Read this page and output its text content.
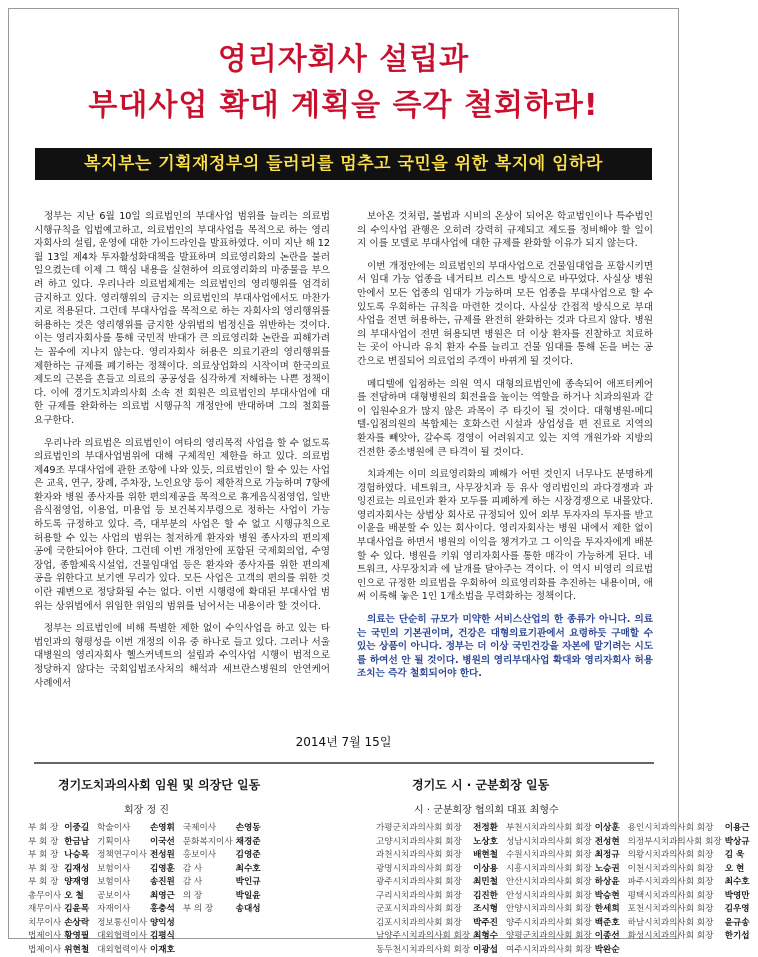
영리자회사 설립과
부대사업 확대 계획을 즉각 철회하라!
복지부는 기획재정부의 들러리를 멈추고 국민을 위한 복지에 임하라

정부는 지난 6월 10일 의료법인의 부대사업 범위를 늘리는 의료법 시행규칙을 입법예고하고, 의료법인의 부대사업을 목적으로 하는 영리자회사의 설립, 운영에 대한 가이드라인을 발표하였다. 이미 지난 해 12월 13일 제4차 투자활성화대책을 발표하며 의료영리화의 논란을 불러 일으켰는데 이제 그 핵심 내용을 실현하여 의료영리화의 마중물을 부으려 하고 있다. 우리나라 의료법체계는 의료법인의 영리행위를 엄격히 금지하고 있다. 영리행위의 금지는 의료법인의 부대사업에서도 마찬가지로 적용된다. 그런데 부대사업을 목적으로 하는 자회사의 영리행위를 허용하는 것은 영리행위를 금지한 상위법의 법정신을 위반하는 것이다. 이는 영리자회사를 통해 국민적 반대가 큰 의료영리화 논란을 피해가려는 꼼수에 지나지 않는다. 영리자회사 허용은 의료기관의 영리행위를 제한하는 규제를 폐기하는 정책이다. 의료상업화의 시작이며 한국의료제도의 근본을 흔들고 의료의 공공성을 심각하게 저해하는 나쁜 정책이다. 이에 경기도치과의사회 소속 전 회원은 의료법인의 부대사업에 대한 규제를 완화하는 의료법 시행규칙 개정안에 반대하며 그의 철회를 요구한다.

우리나라 의료법은 의료법인이 여타의 영리목적 사업을 할 수 없도록 의료법인의 부대사업범위에 대해 구체적인 제한을 하고 있다. 의료법 제49조 부대사업에 관한 조항에 나와 있듯, 의료법인이 할 수 있는 사업은 교육, 연구, 장례, 주차장, 노인요양 등이 제한적으로 가능하며 7항에 환자와 병원 종사자를 위한 편의제공을 목적으로 휴게음식점영업, 일반음식점영업, 이용업, 미용업 등 보건복지부령으로 정하는 사업이 가능하도록 규정하고 있다. 즉, 대부분의 사업은 할 수 없고 시행규칙으로 허용할 수 있는 사업의 범위는 철저하게 환자와 병원 종사자의 편의제공에 국한되어야 한다. 그런데 이번 개정안에 포함된 국제회의업, 수영장업, 종합체육시설업, 건물임대업 등은 환자와 종사자를 위한 편의제공을 위한다고 보기엔 무리가 있다. 모든 사업은 고객의 편의를 위한 것이란 궤변으로 정당화될 수는 없다. 이번 시행령에 확대된 부대사업 범위는 상위법에서 위임한 위임의 범위를 넘어서는 내용이라 할 것이다.

정부는 의료법인에 비해 특별한 제한 없이 수익사업을 하고 있는 타법인과의 형평성을 이번 개정의 이유 중 하나로 들고 있다. 그러나 서울대병원의 영리자회사 헬스커넥트의 설립과 수익사업 시행이 법적으로 정당하지 않다는 국회입법조사처의 해석과 세브란스병원의 안연케어 사례에서

보아온 것처럼, 불법과 시비의 온상이 되어온 학교법인이나 특수법인의 수익사업 관행은 오히려 강력히 규제되고 제도를 정비해야 할 일이지 이를 모델로 부대사업에 대한 규제를 완화할 이유가 되지 않는다.

이번 개정안에는 의료법인의 부대사업으로 건물임대업을 포함시키면서 임대 가능 업종을 네거티브 리스트 방식으로 바꾸었다. 사실상 병원 안에서 모든 업종의 임대가 가능하며 모든 업종을 부대사업으로 할 수 있도록 우회하는 규칙을 마련한 것이다. 사실상 간접적 방식으로 부대사업을 전면 허용하는, 규제를 완전히 완화하는 것과 다르지 않다. 병원의 부대사업이 전면 허용되면 병원은 더 이상 환자를 진찰하고 치료하는 곳이 아니라 유치 환자 수를 늘리고 건물 임대를 통해 돈을 버는 공간으로 변질되어 의료업의 주객이 바뀌게 될 것이다.

메디텔에 입점하는 의원 역시 대형의료법인에 종속되어 애프터케어를 전담하며 대형병원의 회전율을 높이는 역할을 하거나 치과의원과 같이 입원수요가 많지 않은 과목이 주 타깃이 될 것이다. 대형병원-메디텔-입점의원의 복합체는 호화스런 시설과 상업성을 편 진료로 지역의 환자를 빼앗아, 갈수록 경영이 어려워지고 있는 지역 개원가와 지방의 건전한 중소병원에 큰 타격이 될 것이다.

치과계는 이미 의료영리화의 폐해가 어떤 것인지 너무나도 분명하게 경험하였다. 네트워크, 사무장치과 등 유사 영리법인의 과다경쟁과 과잉진료는 의료인과 환자 모두를 피폐하게 하는 시장경쟁으로 내몰았다. 영리자회사는 상법상 회사로 규정되어 있어 외부 투자자의 투자를 받고 이윤을 배분할 수 있는 회사이다. 영리자회사는 병원 내에서 제한 없이 부대사업을 하면서 병원의 이익을 챙겨가고 그 이익을 투자자에게 배분할 수 있다. 병원을 키워 영리자회사를 통한 매각이 가능하게 된다. 네트워크, 사무장치과 에 날개를 달아주는 격이다. 이 역시 비영리 의료법인으로 규정한 의료법을 우회하여 의료영리화를 추진하는 내용이며, 애써 이룩해 놓은 1인 1개소법을 무력화하는 정책이다.

의료는 단순히 규모가 미약한 서비스산업의 한 종류가 아니다. 의료는 국민의 기본권이며, 건강은 대형의료기관에서 요령하듯 구매할 수 있는 상품이 아니다. 정부는 더 이상 국민건강을 자본에 맡기려는 시도를 하여선 안 될 것이다. 병원의 영리부대사업 확대와 영리자회사 허용조치는 즉각 철회되어야 한다.

2014년 7월 15일
경기도치과의사회 임원 및 의장단 일동	경기도 시 · 군분회장 일동
회장 정 진	시 · 군분회장 협의회 대표 최형수
부 회 장	이중길	학술이사	손영휘	국제이사	손영동
부 회 장	한금남	기획이사	이국선	문화복지이사	채경준
부 회 장	나승목	정책연구이사	전성원	홍보이사	김영준
부 회 장	김재성	보험이사	김영훈	감 사	최수호
부 회 장	양재영	보험이사	송진원	감 사	박인규
총무이사	오 철	공보이사	최영근	의 장	박일윤
재무이사	김윤목	자재이사	홍충석	부 의 장	송대성
치무이사	손상락	정보통신이사	양익성		
법제이사	황영필	대외협력이사	김평식		
법제이사	위현철	대외협력이사	이재호		
가평군치과의사회 회장	전정환	부천시치과의사회 회장	이상훈	용인시치과의사회 회장	이용근
고양시치과의사회 회장	노상호	성남시치과의사회 회장	전성현	의정부시치과의사회 회장	박상규
과천시치과의사회 회장	배현철	수원시치과의사회 회장	최정규	의왕시치과의사회 회장	김 욱
광명시치과의사회 회장	이상용	시흥시치과의사회 회장	노승권	이천시치과의사회 회장	오 현
광주시치과의사회 회장	최민철	안산시치과의사회 회장	하상윤	파주시치과의사회 회장	최수호
구리시치과의사회 회장	김진한	안성시치과의사회 회장	박승현	평택시치과의사회 회장	박영만
군포시치과의사회 회장	조시형	안양시치과의사회 회장	한세희	포천시치과의사회 회장	김우영
김포시치과의사회 회장	박주진	양주시치과의사회 회장	백준호	하남시치과의사회 회장	윤규송
남양주시치과의사회 회장	최형수	양평군치과의사회 회장	이종선	화성시치과의사회 회장	한기섭
동두천시치과의사회 회장	이광섭	여주시치과의사회 회장	박완순		
